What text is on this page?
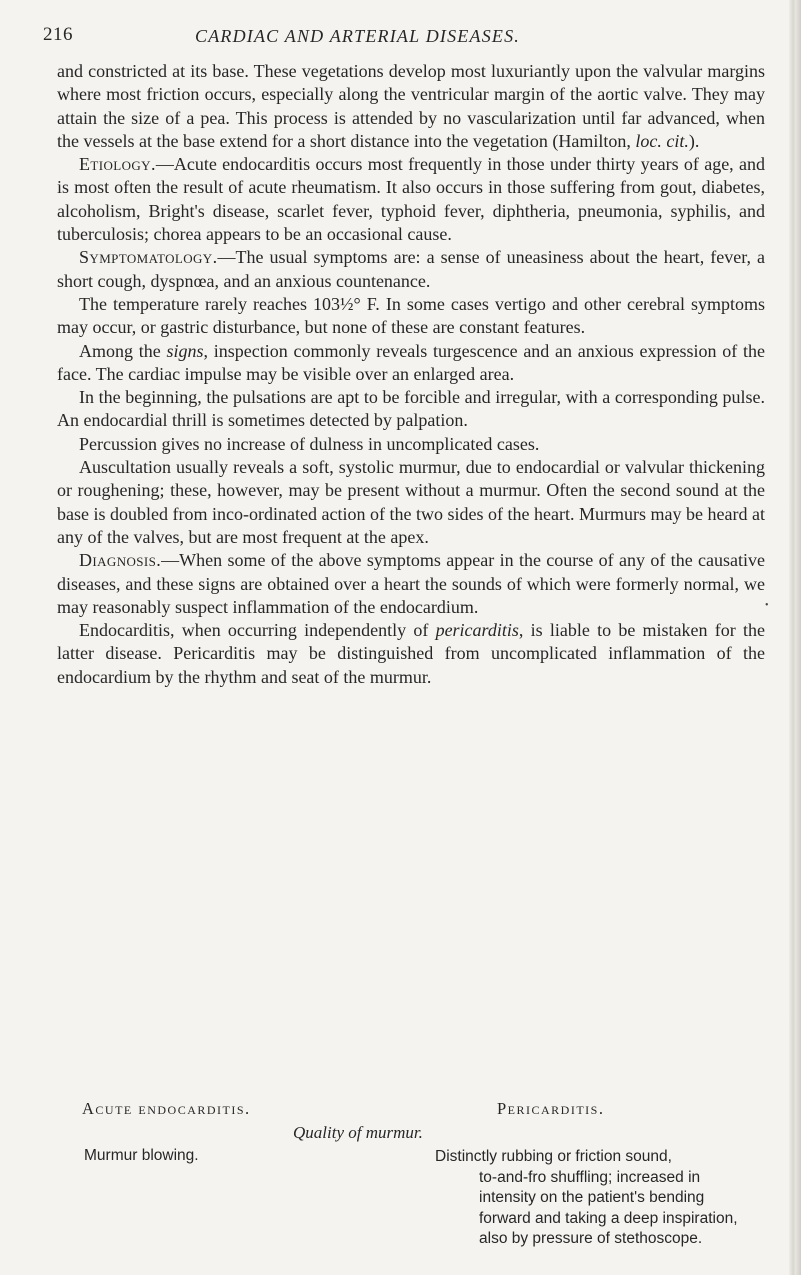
216	CARDIAC AND ARTERIAL DISEASES.

and constricted at its base. These vegetations develop most luxuriantly upon the valvular margins where most friction occurs, especially along the ventricular margin of the aortic valve. They may attain the size of a pea. This process is attended by no vascularization until far advanced, when the vessels at the base extend for a short distance into the vegetation (Hamilton, loc. cit.).

Etiology.—Acute endocarditis occurs most frequently in those under thirty years of age, and is most often the result of acute rheumatism. It also occurs in those suffering from gout, diabetes, alcoholism, Bright's disease, scarlet fever, typhoid fever, diphtheria, pneumonia, syphilis, and tuberculosis; chorea appears to be an occasional cause.

Symptomatology.—The usual symptoms are: a sense of uneasiness about the heart, fever, a short cough, dyspnœa, and an anxious countenance.

The temperature rarely reaches 103½° F. In some cases vertigo and other cerebral symptoms may occur, or gastric disturbance, but none of these are constant features.

Among the signs, inspection commonly reveals turgescence and an anxious expression of the face. The cardiac impulse may be visible over an enlarged area.

In the beginning, the pulsations are apt to be forcible and irregular, with a corresponding pulse. An endocardial thrill is sometimes detected by palpation.

Percussion gives no increase of dulness in uncomplicated cases.

Auscultation usually reveals a soft, systolic murmur, due to endocardial or valvular thickening or roughening; these, however, may be present without a murmur. Often the second sound at the base is doubled from inco-ordinated action of the two sides of the heart. Murmurs may be heard at any of the valves, but are most frequent at the apex.

Diagnosis.—When some of the above symptoms appear in the course of any of the causative diseases, and these signs are obtained over a heart the sounds of which were formerly normal, we may reasonably suspect inflammation of the endocardium.

Endocarditis, when occurring independently of pericarditis, is liable to be mistaken for the latter disease. Pericarditis may be distinguished from uncomplicated inflammation of the endocardium by the rhythm and seat of the murmur.

•
Acute endocarditis.	Pericarditis.
Quality of murmur.
Murmur blowing.	Distinctly rubbing or friction sound,
to-and-fro shuffling; increased in intensity on the patient's bending forward and taking a deep inspiration, also by pressure of stethoscope.
